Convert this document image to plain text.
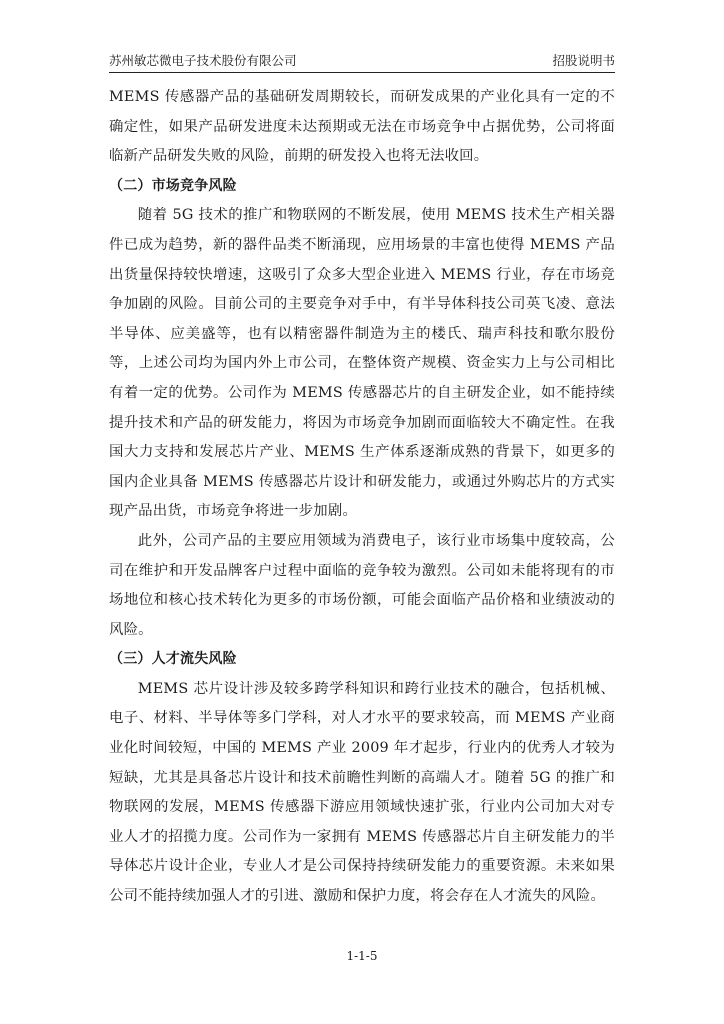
苏州敏芯微电子技术股份有限公司	招股说明书

MEMS 传感器产品的基础研发周期较长，而研发成果的产业化具有一定的不确定性，如果产品研发进度未达预期或无法在市场竞争中占据优势，公司将面临新产品研发失败的风险，前期的研发投入也将无法收回。

（二）市场竞争风险

随着 5G 技术的推广和物联网的不断发展，使用 MEMS 技术生产相关器件已成为趋势，新的器件品类不断涌现，应用场景的丰富也使得 MEMS 产品出货量保持较快增速，这吸引了众多大型企业进入 MEMS 行业，存在市场竞争加剧的风险。目前公司的主要竞争对手中，有半导体科技公司英飞凌、意法半导体、应美盛等，也有以精密器件制造为主的楼氏、瑞声科技和歌尔股份等，上述公司均为国内外上市公司，在整体资产规模、资金实力上与公司相比有着一定的优势。公司作为 MEMS 传感器芯片的自主研发企业，如不能持续提升技术和产品的研发能力，将因为市场竞争加剧而面临较大不确定性。在我国大力支持和发展芯片产业、MEMS 生产体系逐渐成熟的背景下，如更多的国内企业具备 MEMS 传感器芯片设计和研发能力，或通过外购芯片的方式实现产品出货，市场竞争将进一步加剧。

此外，公司产品的主要应用领域为消费电子，该行业市场集中度较高，公司在维护和开发品牌客户过程中面临的竞争较为激烈。公司如未能将现有的市场地位和核心技术转化为更多的市场份额，可能会面临产品价格和业绩波动的风险。

（三）人才流失风险

MEMS 芯片设计涉及较多跨学科知识和跨行业技术的融合，包括机械、电子、材料、半导体等多门学科，对人才水平的要求较高，而 MEMS 产业商业化时间较短，中国的 MEMS 产业 2009 年才起步，行业内的优秀人才较为短缺，尤其是具备芯片设计和技术前瞻性判断的高端人才。随着 5G 的推广和物联网的发展，MEMS 传感器下游应用领域快速扩张，行业内公司加大对专业人才的招揽力度。公司作为一家拥有 MEMS 传感器芯片自主研发能力的半导体芯片设计企业，专业人才是公司保持持续研发能力的重要资源。未来如果公司不能持续加强人才的引进、激励和保护力度，将会存在人才流失的风险。

1-1-5
